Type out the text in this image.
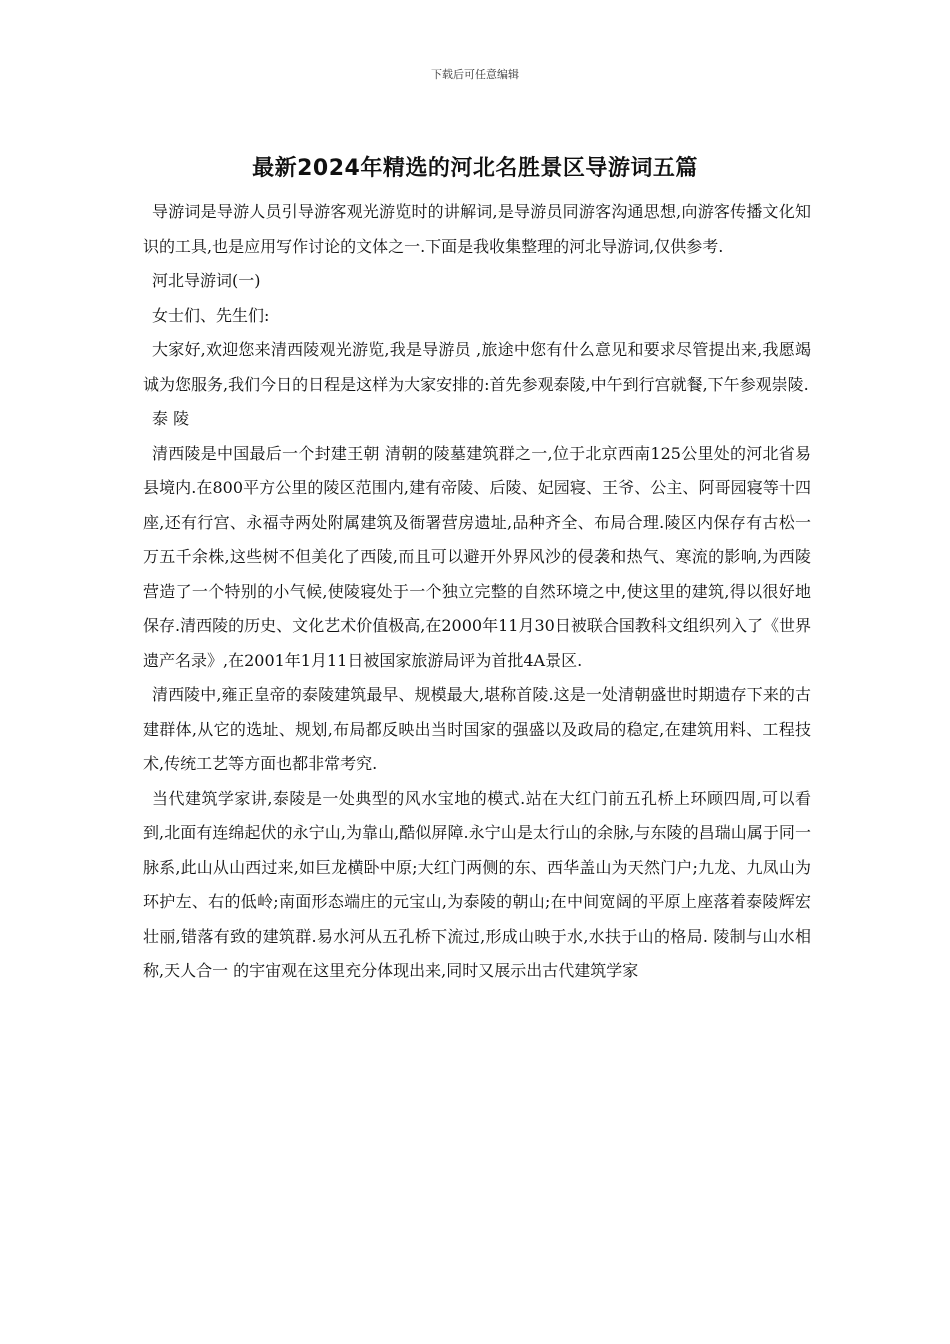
下载后可任意编辑
最新2024年精选的河北名胜景区导游词五篇

导游词是导游人员引导游客观光游览时的讲解词,是导游员同游客沟通思想,向游客传播文化知识的工具,也是应用写作讨论的文体之一.下面是我收集整理的河北导游词,仅供参考.

河北导游词(一)

女士们、先生们:

大家好,欢迎您来清西陵观光游览,我是导游员 ,旅途中您有什么意见和要求尽管提出来,我愿竭诚为您服务,我们今日的日程是这样为大家安排的:首先参观泰陵,中午到行宫就餐,下午参观崇陵.

泰 陵

清西陵是中国最后一个封建王朝 清朝的陵墓建筑群之一,位于北京西南125公里处的河北省易县境内.在800平方公里的陵区范围内,建有帝陵、后陵、妃园寝、王爷、公主、阿哥园寝等十四座,还有行宫、永福寺两处附属建筑及衙署营房遗址,品种齐全、布局合理.陵区内保存有古松一万五千余株,这些树不但美化了西陵,而且可以避开外界风沙的侵袭和热气、寒流的影响,为西陵营造了一个特别的小气候,使陵寝处于一个独立完整的自然环境之中,使这里的建筑,得以很好地保存.清西陵的历史、文化艺术价值极高,在2000年11月30日被联合国教科文组织列入了《世界遗产名录》,在2001年1月11日被国家旅游局评为首批4A景区.

清西陵中,雍正皇帝的泰陵建筑最早、规模最大,堪称首陵.这是一处清朝盛世时期遗存下来的古建群体,从它的选址、规划,布局都反映出当时国家的强盛以及政局的稳定,在建筑用料、工程技术,传统工艺等方面也都非常考究.

当代建筑学家讲,泰陵是一处典型的风水宝地的模式.站在大红门前五孔桥上环顾四周,可以看到,北面有连绵起伏的永宁山,为靠山,酷似屏障.永宁山是太行山的余脉,与东陵的昌瑞山属于同一脉系,此山从山西过来,如巨龙横卧中原;大红门两侧的东、西华盖山为天然门户;九龙、九凤山为环护左、右的低岭;南面形态端庄的元宝山,为泰陵的朝山;在中间宽阔的平原上座落着泰陵辉宏壮丽,错落有致的建筑群.易水河从五孔桥下流过,形成山映于水,水扶于山的格局. 陵制与山水相称,天人合一 的宇宙观在这里充分体现出来,同时又展示出古代建筑学家
